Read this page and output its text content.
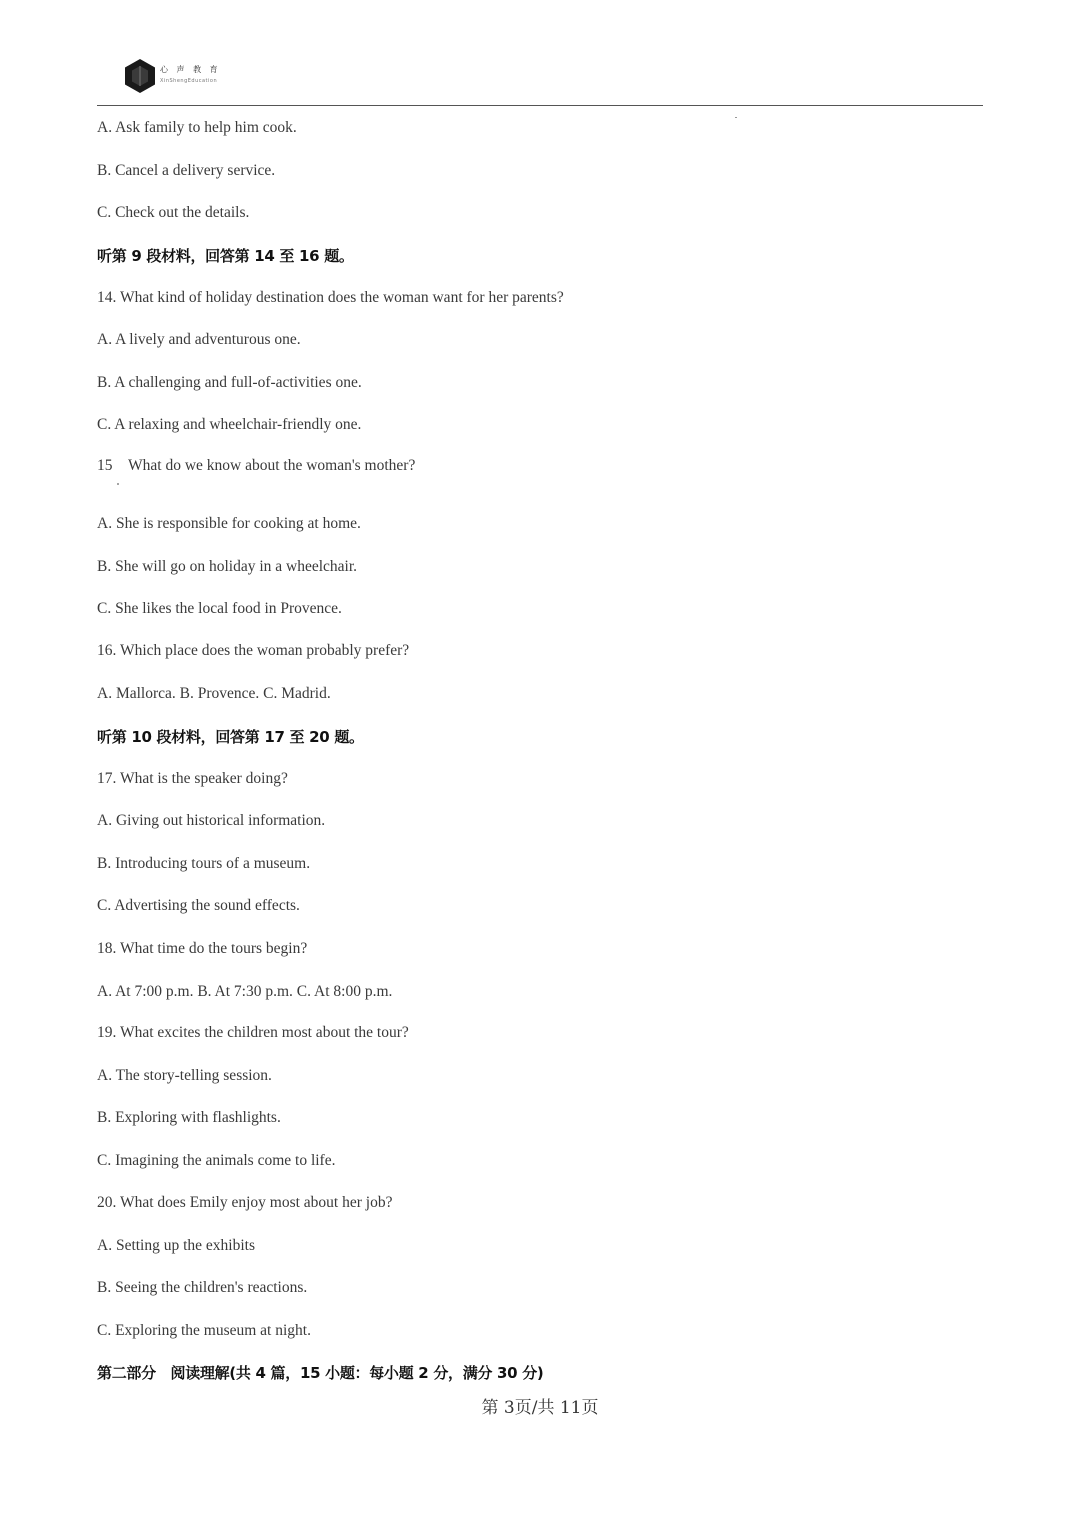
心 声 教 育
XinShengEducation
A. Ask family to help him cook.
B. Cancel a delivery service.
C. Check out the details.
听第 9 段材料，回答第 14 至 16 题。
14. What kind of holiday destination does the woman want for her parents?
A. A lively and adventurous one.
B. A challenging and full-of-activities one.
C. A relaxing and wheelchair-friendly one.
15　What do we know about the woman's mother?
A. She is responsible for cooking at home.
B. She will go on holiday in a wheelchair.
C. She likes the local food in Provence.
16. Which place does the woman probably prefer?
A. Mallorca. B. Provence. C. Madrid.
听第 10 段材料，回答第 17 至 20 题。
17. What is the speaker doing?
A. Giving out historical information.
B. Introducing tours of a museum.
C. Advertising the sound effects.
18. What time do the tours begin?
A. At 7:00 p.m. B. At 7:30 p.m. C. At 8:00 p.m.
19. What excites the children most about the tour?
A. The story-telling session.
B. Exploring with flashlights.
C. Imagining the animals come to life.
20. What does Emily enjoy most about her job?
A. Setting up the exhibits
B. Seeing the children's reactions.
C. Exploring the museum at night.
第二部分　阅读理解(共 4 篇，15 小题：每小题 2 分，满分 30 分)
第 3页/共 11页
